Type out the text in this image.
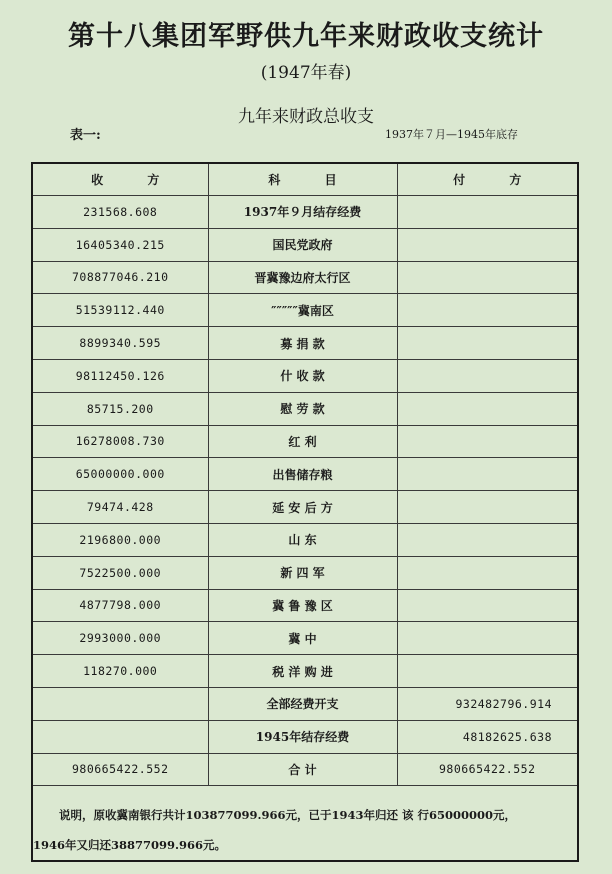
第十八集团军野供九年来财政收支统计
(1947年春)
九年来财政总收支
表一:	1937年７月—1945年底存
收 方	科 目	付 方
231568.608	1937年９月结存经费	
16405340.215	国民党政府	
708877046.210	晋冀豫边府太行区	
51539112.440	″″″″″冀南区	
8899340.595	募 捐 款	
98112450.126	什 收 款	
85715.200	慰 劳 款	
16278008.730	红 利	
65000000.000	出售储存粮	
79474.428	延 安 后 方	
2196800.000	山 东	
7522500.000	新 四 军	
4877798.000	冀 鲁 豫 区	
2993000.000	冀 中	
118270.000	税 洋 购 进	
	全部经费开支	932482796.914
	1945年结存经费	48182625.638
980665422.552	合 计	980665422.552
说明，原收冀南银行共计103877099.966元，已于1943年归还 该 行65000000元，
1946年又归还38877099.966元。
